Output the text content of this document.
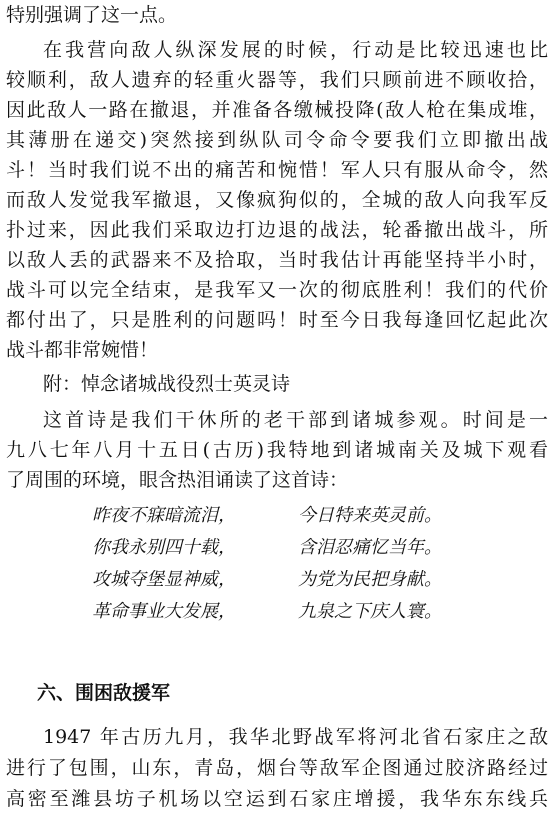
特别强调了这一点。
在我营向敌人纵深发展的时候，行动是比较迅速也比
较顺利，敌人遗弃的轻重火器等，我们只顾前进不顾收拾，
因此敌人一路在撤退，并准备各缴械投降(敌人枪在集成堆，
其薄册在递交)突然接到纵队司令命令要我们立即撤出战
斗！当时我们说不出的痛苦和惋惜！军人只有服从命令，然
而敌人发觉我军撤退，又像疯狗似的，全城的敌人向我军反
扑过来，因此我们采取边打边退的战法，轮番撤出战斗，所
以敌人丢的武器来不及拾取，当时我估计再能坚持半小时，
战斗可以完全结束，是我军又一次的彻底胜利！我们的代价
都付出了，只是胜利的问题吗！时至今日我每逢回忆起此次
战斗都非常婉惜！
附：悼念诸城战役烈士英灵诗
这首诗是我们干休所的老干部到诸城参观。时间是一
九八七年八月十五日(古历)我特地到诸城南关及城下观看
了周围的环境，眼含热泪诵读了这首诗：
昨夜不寐暗流泪，	今日特来英灵前。
你我永别四十载，	含泪忍痛忆当年。
攻城夺堡显神威，	为党为民把身献。
革命事业大发展，	九泉之下庆人寰。
六、围困敌援军
1947 年古历九月，我华北野战军将河北省石家庄之敌
进行了包围，山东，青岛，烟台等敌军企图通过胶济路经过
高密至潍县坊子机场以空运到石家庄增援，我华东东线兵
